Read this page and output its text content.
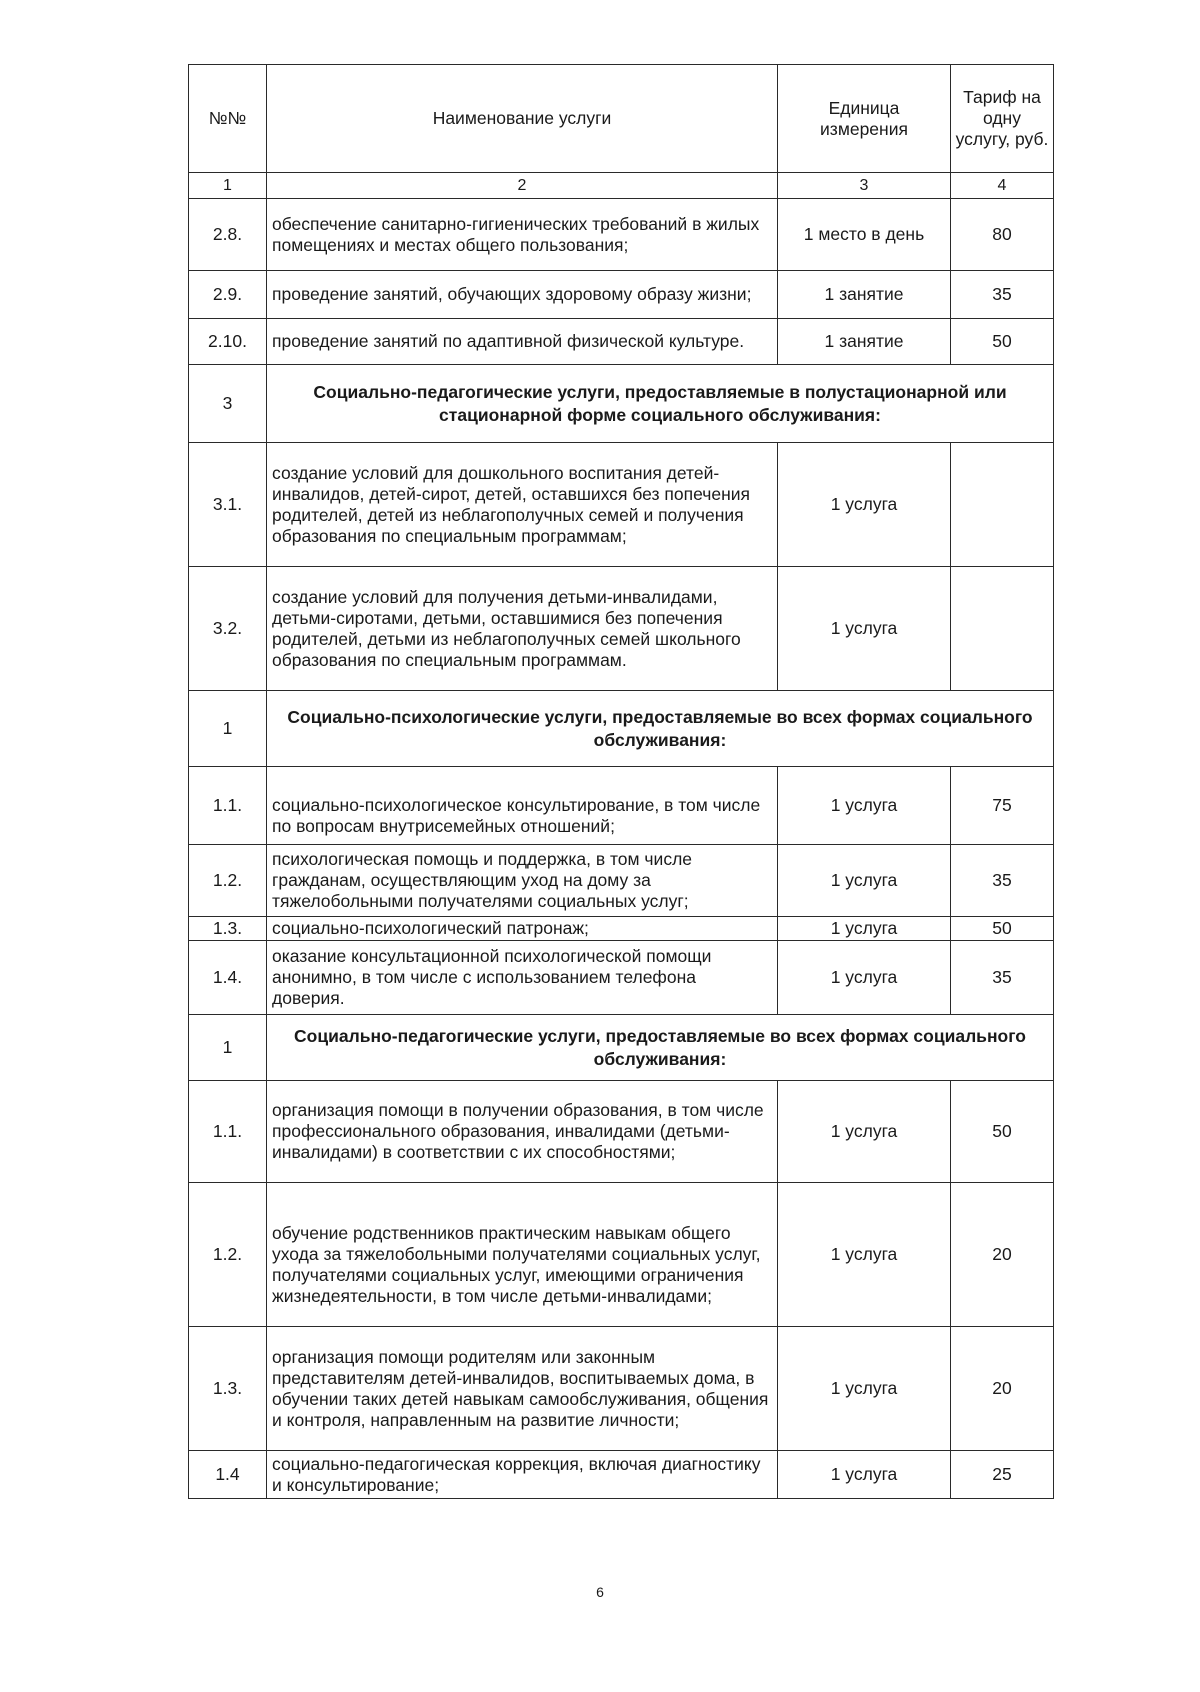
№№	Наименование услуги	Единица измерения	Тариф на одну услугу, руб.
1	2	3	4
2.8.	обеспечение санитарно-гигиенических требований в жилых помещениях и местах общего пользования;	1 место в день	80
2.9.	проведение занятий, обучающих здоровому образу жизни;	1 занятие	35
2.10.	проведение занятий по адаптивной физической культуре.	1 занятие	50
3	Социально-педагогические услуги, предоставляемые в полустационарной или стационарной форме социального обслуживания:		
3.1.	создание условий для дошкольного воспитания детей-инвалидов, детей-сирот, детей, оставшихся без попечения родителей, детей из неблагополучных семей и получения образования по специальным программам;	1 услуга	
3.2.	создание условий для получения детьми-инвалидами, детьми-сиротами, детьми, оставшимися без попечения родителей, детьми из неблагополучных семей школьного образования по специальным программам.	1 услуга	
1	Социально-психологические услуги, предоставляемые во всех формах социального обслуживания:		
1.1.	социально-психологическое консультирование, в том числе по вопросам внутрисемейных отношений;	1 услуга	75
1.2.	психологическая помощь и поддержка, в том числе гражданам, осуществляющим уход на дому за тяжелобольными получателями социальных услуг;	1 услуга	35
1.3.	социально-психологический патронаж;	1 услуга	50
1.4.	оказание консультационной психологической помощи анонимно, в том числе с использованием телефона доверия.	1 услуга	35
1	Социально-педагогические услуги, предоставляемые во всех формах социального обслуживания:		
1.1.	организация помощи в получении образования, в том числе профессионального образования, инвалидами (детьми-инвалидами) в соответствии с их способностями;	1 услуга	50
1.2.	обучение родственников практическим навыкам общего ухода за тяжелобольными получателями социальных услуг, получателями социальных услуг, имеющими ограничения жизнедеятельности, в том числе детьми-инвалидами;	1 услуга	20
1.3.	организация помощи родителям или законным представителям детей-инвалидов, воспитываемых дома, в обучении таких детей навыкам самообслуживания, общения и контроля, направленным на развитие личности;	1 услуга	20
1.4	социально-педагогическая коррекция, включая диагностику и консультирование;	1 услуга	25
6
